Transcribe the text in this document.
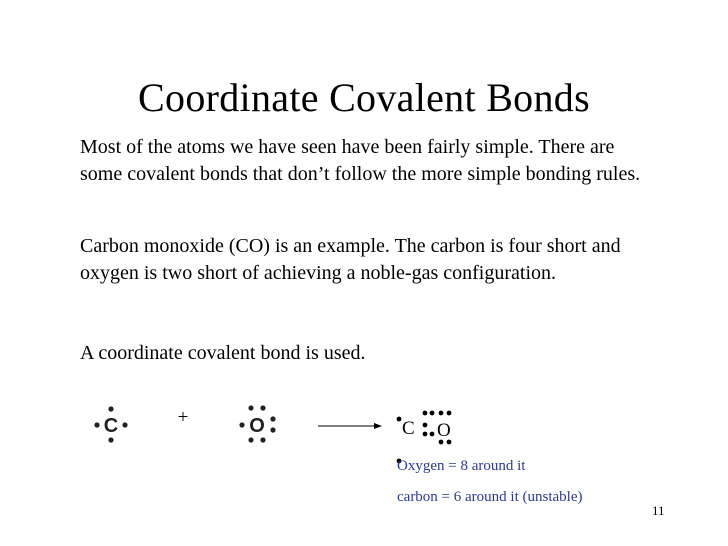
Coordinate Covalent Bonds
Most of the atoms we have seen have been fairly simple. There are some covalent bonds that don’t follow the more simple bonding rules.
Carbon monoxide (CO) is an example. The carbon is four short and oxygen is two short of achieving a noble-gas configuration.
A coordinate covalent bond is used.
C	+	O	C O
Oxygen = 8 around it
carbon = 6 around it (unstable)
11
